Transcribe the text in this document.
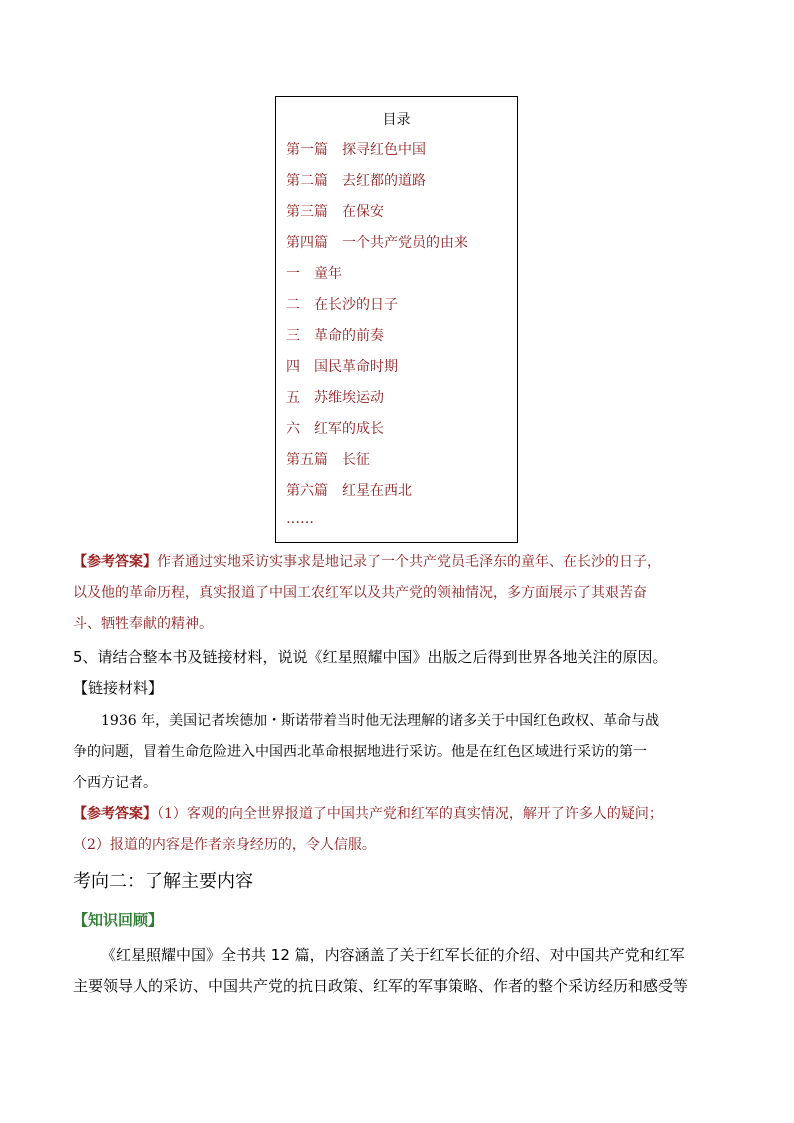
目录
第一篇　探寻红色中国
第二篇　去红都的道路
第三篇　在保安
第四篇　一个共产党员的由来
一　童年
二　在长沙的日子
三　革命的前奏
四　国民革命时期
五　苏维埃运动
六　红军的成长
第五篇　长征
第六篇　红星在西北
……
【参考答案】作者通过实地采访实事求是地记录了一个共产党员毛泽东的童年、在长沙的日子，
以及他的革命历程，真实报道了中国工农红军以及共产党的领袖情况，多方面展示了其艰苦奋
斗、牺牲奉献的精神。
5、请结合整本书及链接材料，说说《红星照耀中国》出版之后得到世界各地关注的原因。
【链接材料】
1936 年，美国记者埃德加・斯诺带着当时他无法理解的诸多关于中国红色政权、革命与战
争的问题，冒着生命危险进入中国西北革命根据地进行采访。他是在红色区域进行采访的第一
个西方记者。
【参考答案】（1）客观的向全世界报道了中国共产党和红军的真实情况，解开了许多人的疑问；
（2）报道的内容是作者亲身经历的，令人信服。
考向二：了解主要内容
【知识回顾】
《红星照耀中国》全书共 12 篇，内容涵盖了关于红军长征的介绍、对中国共产党和红军
主要领导人的采访、中国共产党的抗日政策、红军的军事策略、作者的整个采访经历和感受等
